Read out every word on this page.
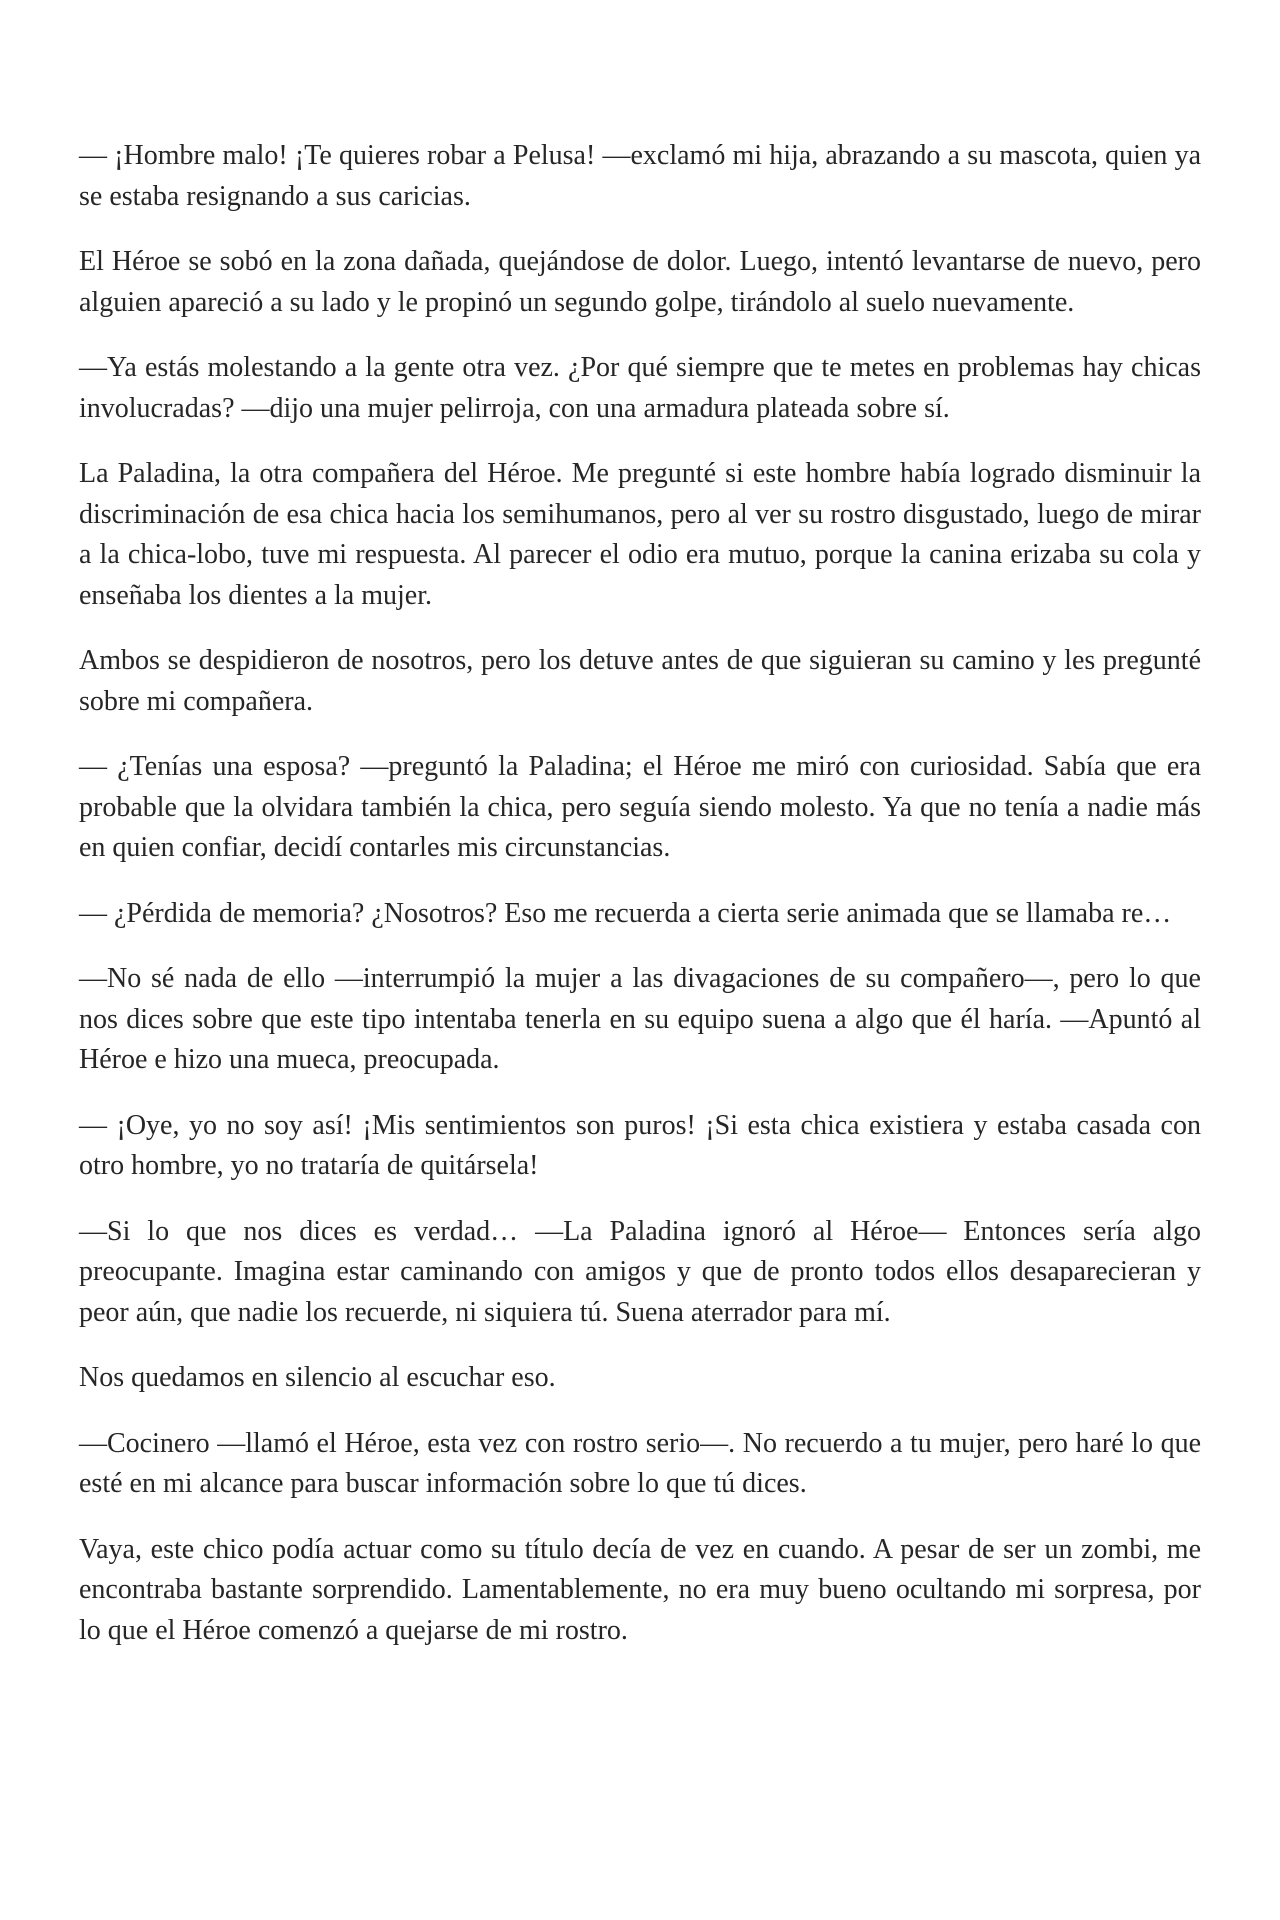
— ¡Hombre malo! ¡Te quieres robar a Pelusa! —exclamó mi hija, abrazando a su mascota, quien ya se estaba resignando a sus caricias.

El Héroe se sobó en la zona dañada, quejándose de dolor. Luego, intentó levantarse de nuevo, pero alguien apareció a su lado y le propinó un segundo golpe, tirándolo al suelo nuevamente.

—Ya estás molestando a la gente otra vez. ¿Por qué siempre que te metes en problemas hay chicas involucradas? —dijo una mujer pelirroja, con una armadura plateada sobre sí.

La Paladina, la otra compañera del Héroe. Me pregunté si este hombre había logrado disminuir la discriminación de esa chica hacia los semihumanos, pero al ver su rostro disgustado, luego de mirar a la chica-lobo, tuve mi respuesta. Al parecer el odio era mutuo, porque la canina erizaba su cola y enseñaba los dientes a la mujer.

Ambos se despidieron de nosotros, pero los detuve antes de que siguieran su camino y les pregunté sobre mi compañera.

— ¿Tenías una esposa? —preguntó la Paladina; el Héroe me miró con curiosidad. Sabía que era probable que la olvidara también la chica, pero seguía siendo molesto. Ya que no tenía a nadie más en quien confiar, decidí contarles mis circunstancias.

— ¿Pérdida de memoria? ¿Nosotros? Eso me recuerda a cierta serie animada que se llamaba re…

—No sé nada de ello —interrumpió la mujer a las divagaciones de su compañero—, pero lo que nos dices sobre que este tipo intentaba tenerla en su equipo suena a algo que él haría. —Apuntó al Héroe e hizo una mueca, preocupada.

— ¡Oye, yo no soy así! ¡Mis sentimientos son puros! ¡Si esta chica existiera y estaba casada con otro hombre, yo no trataría de quitársela!

—Si lo que nos dices es verdad… —La Paladina ignoró al Héroe— Entonces sería algo preocupante. Imagina estar caminando con amigos y que de pronto todos ellos desaparecieran y peor aún, que nadie los recuerde, ni siquiera tú. Suena aterrador para mí.

Nos quedamos en silencio al escuchar eso.

—Cocinero —llamó el Héroe, esta vez con rostro serio—. No recuerdo a tu mujer, pero haré lo que esté en mi alcance para buscar información sobre lo que tú dices.

Vaya, este chico podía actuar como su título decía de vez en cuando. A pesar de ser un zombi, me encontraba bastante sorprendido. Lamentablemente, no era muy bueno ocultando mi sorpresa, por lo que el Héroe comenzó a quejarse de mi rostro.
